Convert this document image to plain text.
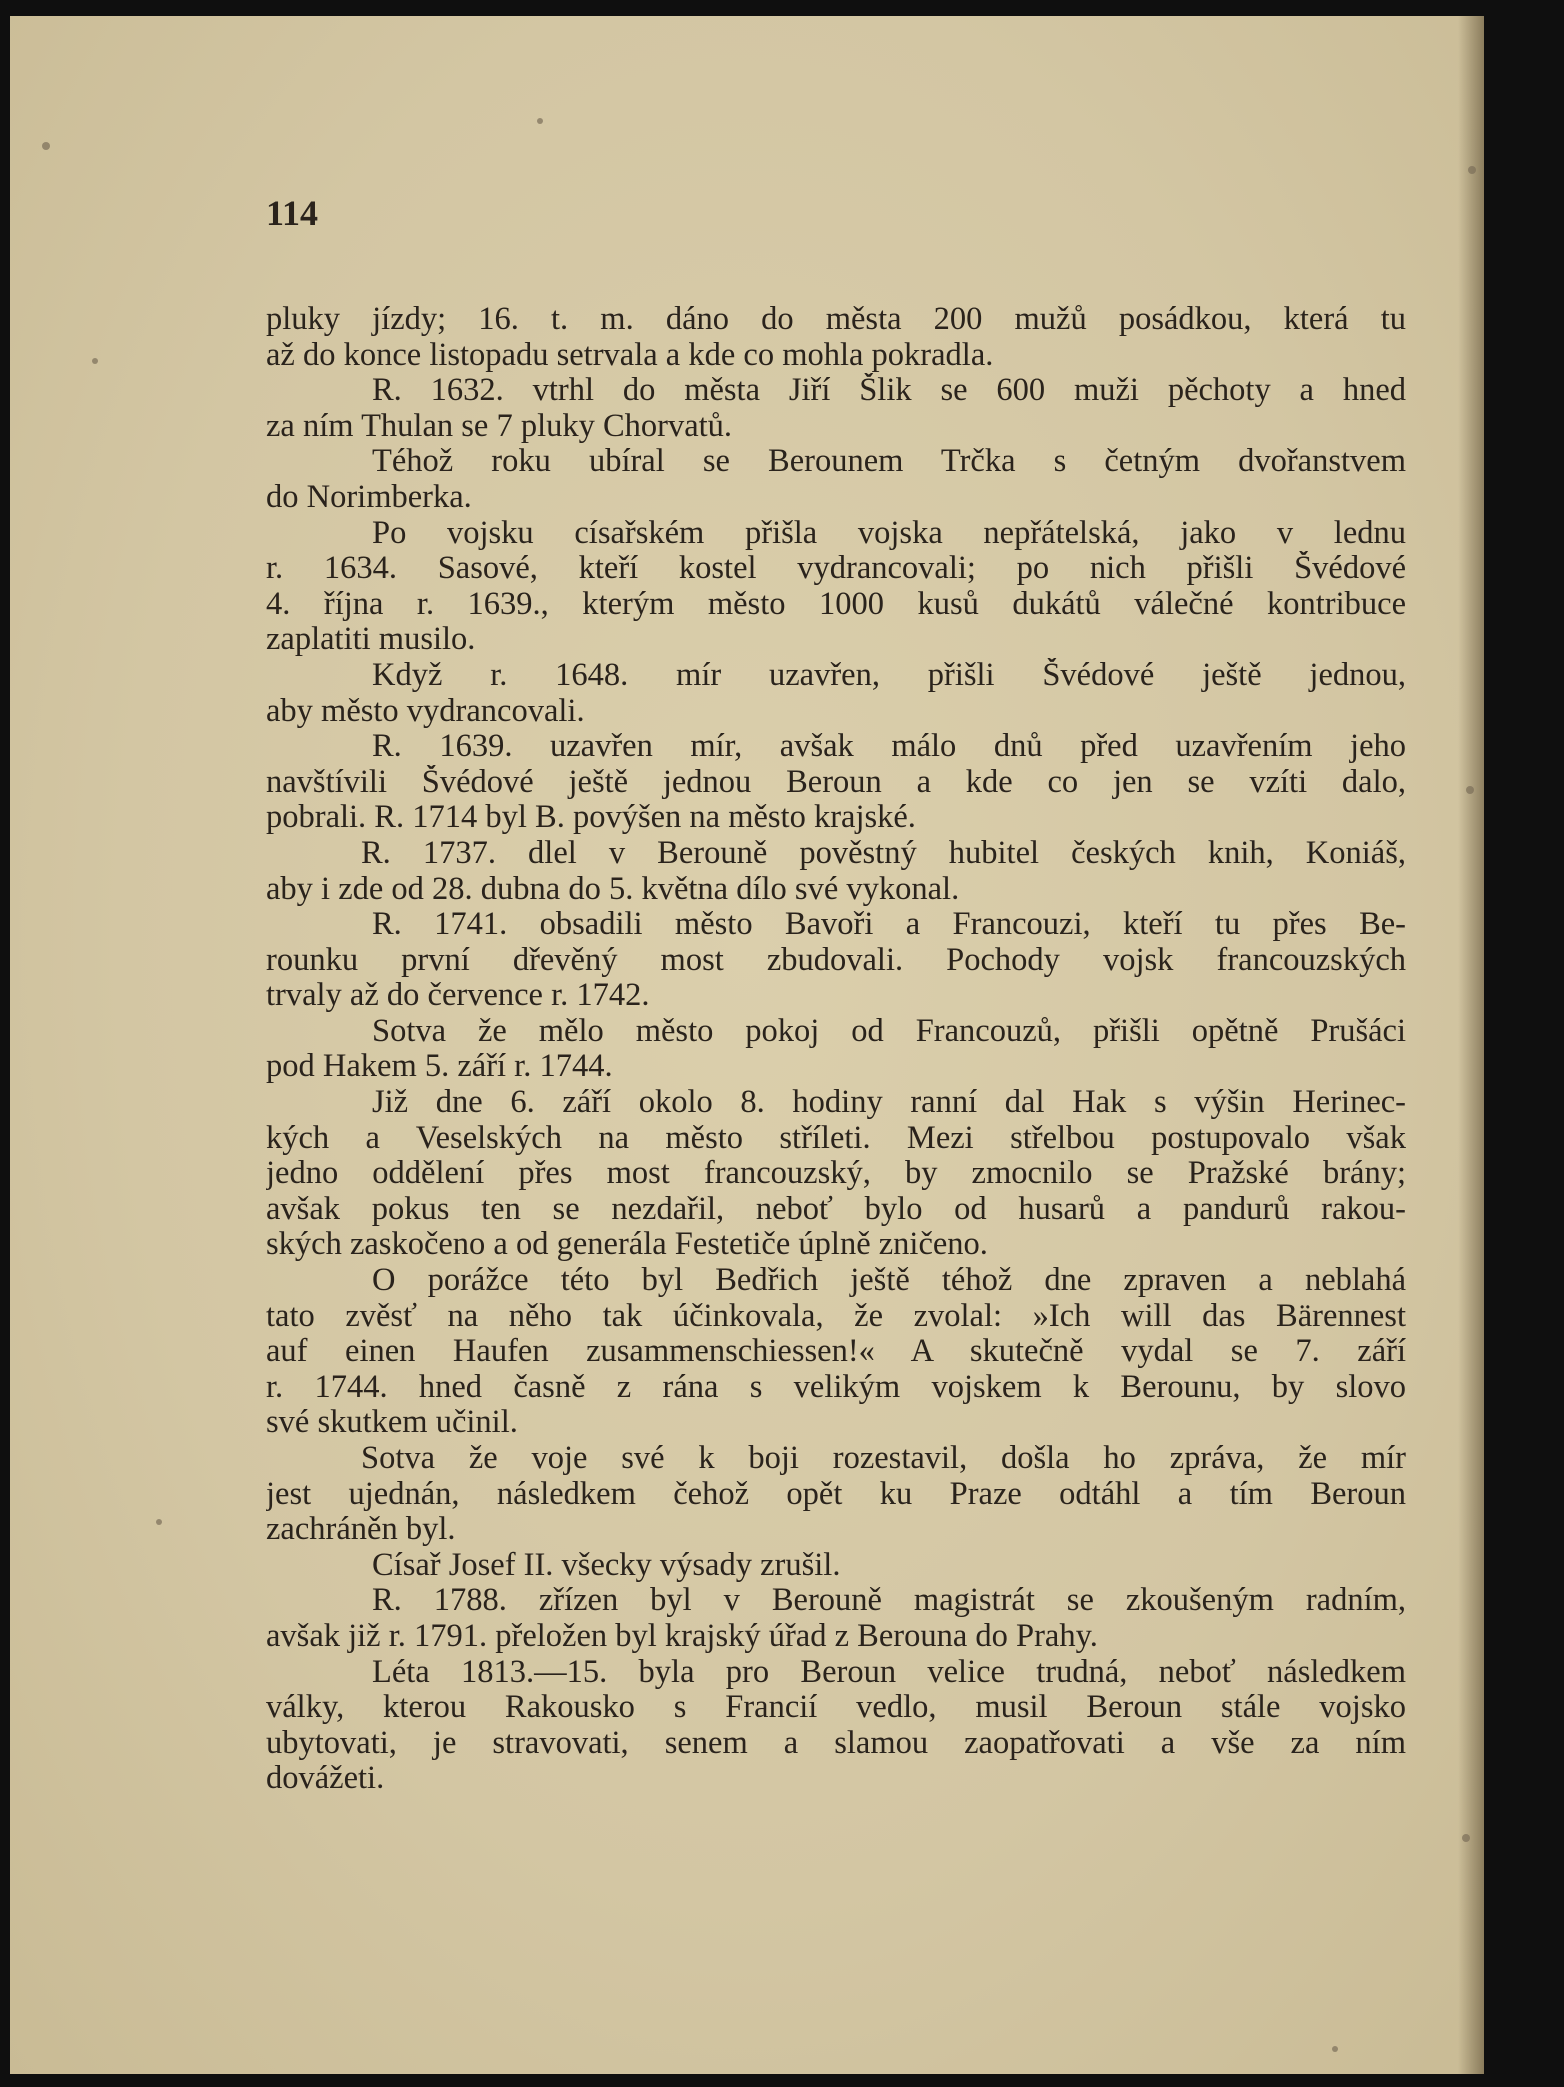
114

pluky jízdy; 16. t. m. dáno do města 200 mužů posádkou, která tu
až do konce listopadu setrvala a kde co mohla pokradla.
R. 1632. vtrhl do města Jiří Šlik se 600 muži pěchoty a hned
za ním Thulan se 7 pluky Chorvatů.
Téhož roku ubíral se Berounem Trčka s četným dvořanstvem
do Norimberka.
Po vojsku císařském přišla vojska nepřátelská, jako v lednu
r. 1634. Sasové, kteří kostel vydrancovali; po nich přišli Švédové
4. října r. 1639., kterým město 1000 kusů dukátů válečné kontribuce
zaplatiti musilo.
Když r. 1648. mír uzavřen, přišli Švédové ještě jednou,
aby město vydrancovali.
R. 1639. uzavřen mír, avšak málo dnů před uzavřením jeho
navštívili Švédové ještě jednou Beroun a kde co jen se vzíti dalo,
pobrali. R. 1714 byl B. povýšen na město krajské.
R. 1737. dlel v Berouně pověstný hubitel českých knih, Koniáš,
aby i zde od 28. dubna do 5. května dílo své vykonal.
R. 1741. obsadili město Bavoři a Francouzi, kteří tu přes Be-
rounku první dřevěný most zbudovali. Pochody vojsk francouzských
trvaly až do července r. 1742.
Sotva že mělo město pokoj od Francouzů, přišli opětně Prušáci
pod Hakem 5. září r. 1744.
Již dne 6. září okolo 8. hodiny ranní dal Hak s výšin Herinec-
kých a Veselských na město stříleti. Mezi střelbou postupovalo však
jedno oddělení přes most francouzský, by zmocnilo se Pražské brány;
avšak pokus ten se nezdařil, neboť bylo od husarů a pandurů rakou-
ských zaskočeno a od generála Festetiče úplně zničeno.
O porážce této byl Bedřich ještě téhož dne zpraven a neblahá
tato zvěsť na něho tak účinkovala, že zvolal: »Ich will das Bärennest
auf einen Haufen zusammenschiessen!« A skutečně vydal se 7. září
r. 1744. hned časně z rána s velikým vojskem k Berounu, by slovo
své skutkem učinil.
Sotva že voje své k boji rozestavil, došla ho zpráva, že mír
jest ujednán, následkem čehož opět ku Praze odtáhl a tím Beroun
zachráněn byl.
Císař Josef II. všecky výsady zrušil.
R. 1788. zřízen byl v Berouně magistrát se zkoušeným radním,
avšak již r. 1791. přeložen byl krajský úřad z Berouna do Prahy.
Léta 1813.—15. byla pro Beroun velice trudná, neboť následkem
války, kterou Rakousko s Francií vedlo, musil Beroun stále vojsko
ubytovati, je stravovati, senem a slamou zaopatřovati a vše za ním
dovážeti.
